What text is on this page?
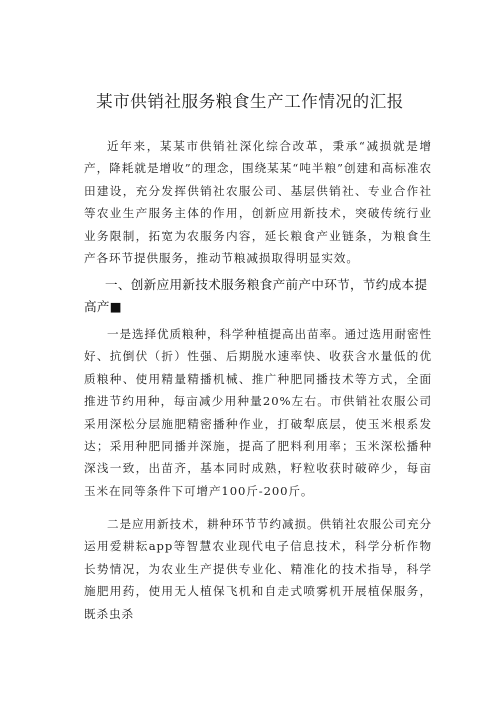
某市供销社服务粮食生产工作情况的汇报

近年来，某某市供销社深化综合改革，秉承“减损就是增产，降耗就是增收”的理念，围绕某某“吨半粮”创建和高标准农田建设，充分发挥供销社农服公司、基层供销社、专业合作社等农业生产服务主体的作用，创新应用新技术，突破传统行业业务限制，拓宽为农服务内容，延长粮食产业链条，为粮食生产各环节提供服务，推动节粮减损取得明显实效。

一、创新应用新技术服务粮食产前产中环节，节约成本提高产■

一是选择优质粮种，科学种植提高出苗率。通过选用耐密性好、抗倒伏（折）性强、后期脱水速率快、收获含水量低的优质粮种、使用精量精播机械、推广种肥同播技术等方式，全面推进节约用种，每亩减少用种量20%左右。市供销社农服公司采用深松分层施肥精密播种作业，打破犁底层，使玉米根系发达；采用种肥同播并深施，提高了肥料利用率；玉米深松播种深浅一致，出苗齐，基本同时成熟，籽粒收获时破碎少，每亩玉米在同等条件下可增产100斤-200斤。

二是应用新技术，耕种环节节约减损。供销社农服公司充分运用爱耕耘app等智慧农业现代电子信息技术，科学分析作物长势情况，为农业生产提供专业化、精准化的技术指导，科学施肥用药，使用无人植保飞机和自走式喷雾机开展植保服务，既杀虫杀
